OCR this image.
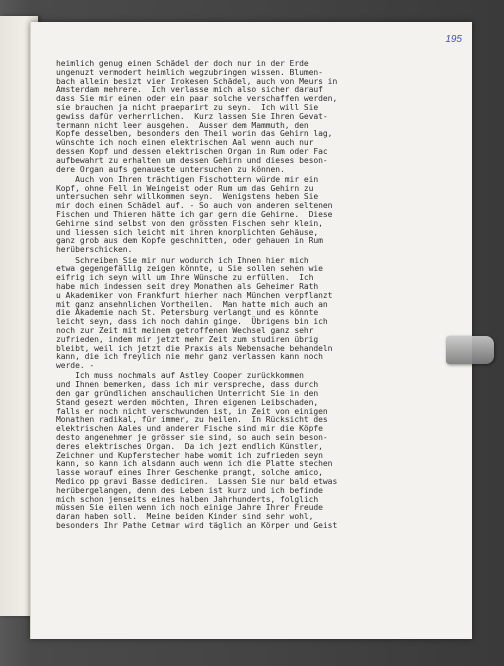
195
heimlich genug einen Schädel der doch nur in der Erde
ungenuzt vermodert heimlich wegzubringen wissen. Blumen-
bach allein besizt vier Irokesen Schädel, auch von Meurs in
Amsterdam mehrere.  Ich verlasse mich also sicher darauf
dass Sie mir einen oder ein paar solche verschaffen werden,
sie brauchen ja nicht praeparirt zu seyn.  Ich will Sie
gewiss dafür verherrlichen.  Kurz lassen Sie Ihren Gevat-
termann nicht leer ausgehen.  Ausser dem Mammuth, den
Kopfe desselben, besonders den Theil worin das Gehirn lag,
wünschte ich noch einen elektrischen Aal wenn auch nur
dessen Kopf und dessen elektrischen Organ in Rum oder Fac
aufbewahrt zu erhalten um dessen Gehirn und dieses beson-
dere Organ aufs genaueste untersuchen zu können.
Auch von Ihren trächtigen Fischottern würde mir ein
Kopf, ohne Fell in Weingeist oder Rum um das Gehirn zu
untersuchen sehr willkommen seyn.  Wenigstens heben Sie
mir doch einen Schädel auf. - So auch von anderen seltenen
Fischen und Thieren hätte ich gar gern die Gehirne.  Diese
Gehirne sind selbst von den grössten Fischen sehr klein,
und liessen sich leicht mit ihren knorplichten Gehäuse,
ganz grob aus dem Kopfe geschnitten, oder gehauen in Rum
herüberschicken.
Schreiben Sie mir nur wodurch ich Ihnen hier mich
etwa gegengefällig zeigen könnte, u Sie sollen sehen wie
eifrig ich seyn will um Ihre Wünsche zu erfüllen.  Ich
habe mich indessen seit drey Monathen als Geheimer Rath
u Akademiker von Frankfurt hierher nach München verpflanzt
mit ganz ansehnlichen Vortheilen.  Man hatte mich auch an
die Akademie nach St. Petersburg verlangt und es könnte
leicht seyn, dass ich noch dahin ginge.  Übrigens bin ich
noch zur Zeit mit meinem getroffenen Wechsel ganz sehr
zufrieden, indem mir jetzt mehr Zeit zum studiren übrig
bleibt, weil ich jetzt die Praxis als Nebensache behandeln
kann, die ich freylich nie mehr ganz verlassen kann noch
werde. -
Ich muss nochmals auf Astley Cooper zurückkommen
und Ihnen bemerken, dass ich mir verspreche, dass durch
den gar gründlichen anschaulichen Unterricht Sie in den
Stand gesezt werden möchten, Ihren eigenen Leibschaden,
falls er noch nicht verschwunden ist, in Zeit von einigen
Monathen radikal, für immer, zu heilen.  In Rücksicht des
elektrischen Aales und anderer Fische sind mir die Köpfe
desto angenehmer je grösser sie sind, so auch sein beson-
deres elektrisches Organ.  Da ich jezt endlich Künstler,
Zeichner und Kupferstecher habe womit ich zufrieden seyn
kann, so kann ich alsdann auch wenn ich die Platte stechen
lasse worauf eines Ihrer Geschenke prangt, solche amico,
Medico pp gravi Basse dediciren.  Lassen Sie nur bald etwas
herübergelangen, denn des Leben ist kurz und ich befinde
mich schon jenseits eines halben Jahrhunderts, folglich
müssen Sie eilen wenn ich noch einige Jahre Ihrer Freude
daran haben soll.  Meine beiden Kinder sind sehr wohl,
besonders Ihr Pathe Cetmar wird täglich an Körper und Geist
